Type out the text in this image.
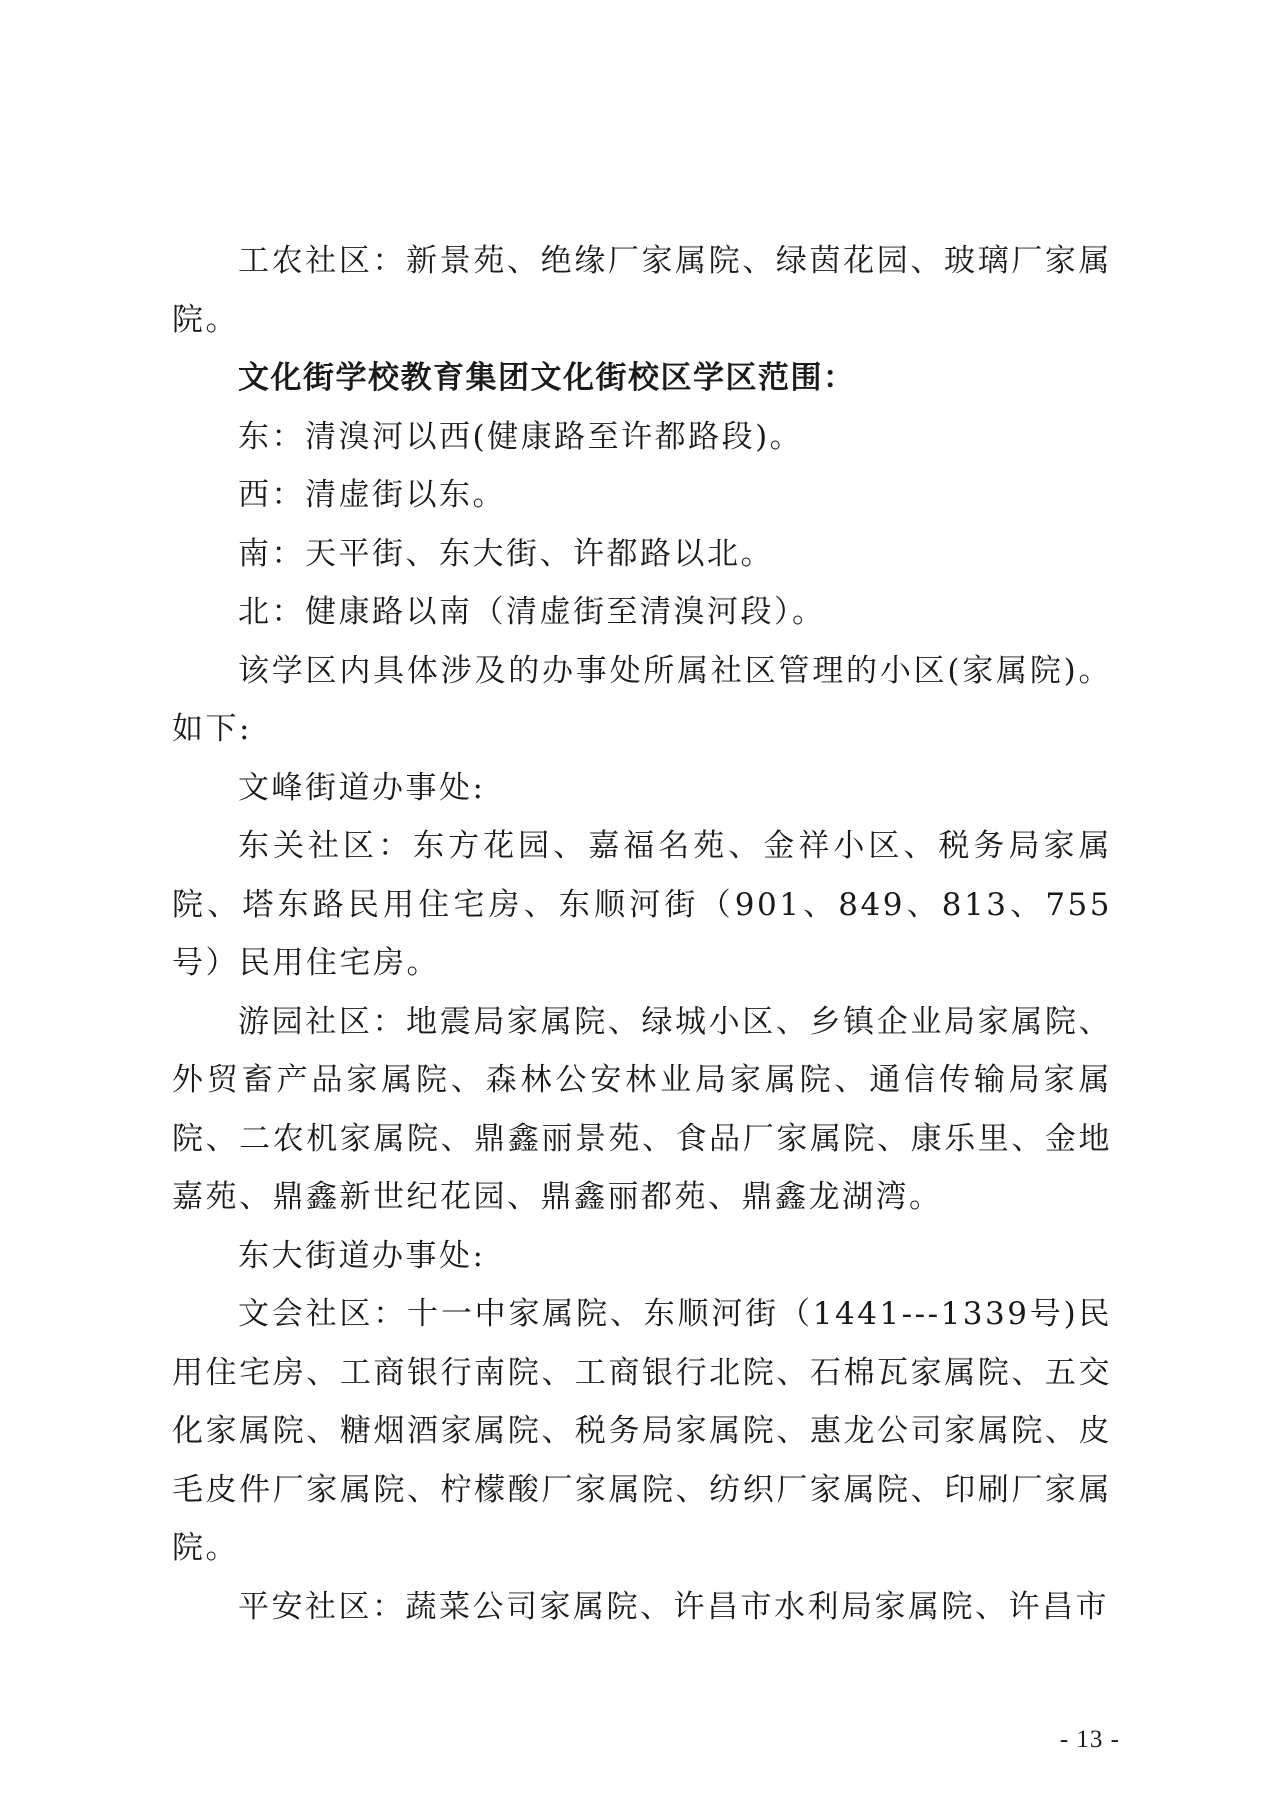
工农社区：新景苑、绝缘厂家属院、绿茵花园、玻璃厂家属院。

文化街学校教育集团文化街校区学区范围：

东：清溴河以西(健康路至许都路段)。

西：清虚街以东。

南：天平街、东大街、许都路以北。

北：健康路以南（清虚街至清溴河段）。

该学区内具体涉及的办事处所属社区管理的小区(家属院)。如下:

文峰街道办事处:

东关社区：东方花园、嘉福名苑、金祥小区、税务局家属院、塔东路民用住宅房、东顺河街（901、849、813、755号）民用住宅房。

游园社区：地震局家属院、绿城小区、乡镇企业局家属院、外贸畜产品家属院、森林公安林业局家属院、通信传输局家属院、二农机家属院、鼎鑫丽景苑、食品厂家属院、康乐里、金地嘉苑、鼎鑫新世纪花园、鼎鑫丽都苑、鼎鑫龙湖湾。

东大街道办事处:

文会社区：十一中家属院、东顺河街（1441---1339号)民用住宅房、工商银行南院、工商银行北院、石棉瓦家属院、五交化家属院、糖烟酒家属院、税务局家属院、惠龙公司家属院、皮毛皮件厂家属院、柠檬酸厂家属院、纺织厂家属院、印刷厂家属院。

平安社区：蔬菜公司家属院、许昌市水利局家属院、许昌市

- 13 -
